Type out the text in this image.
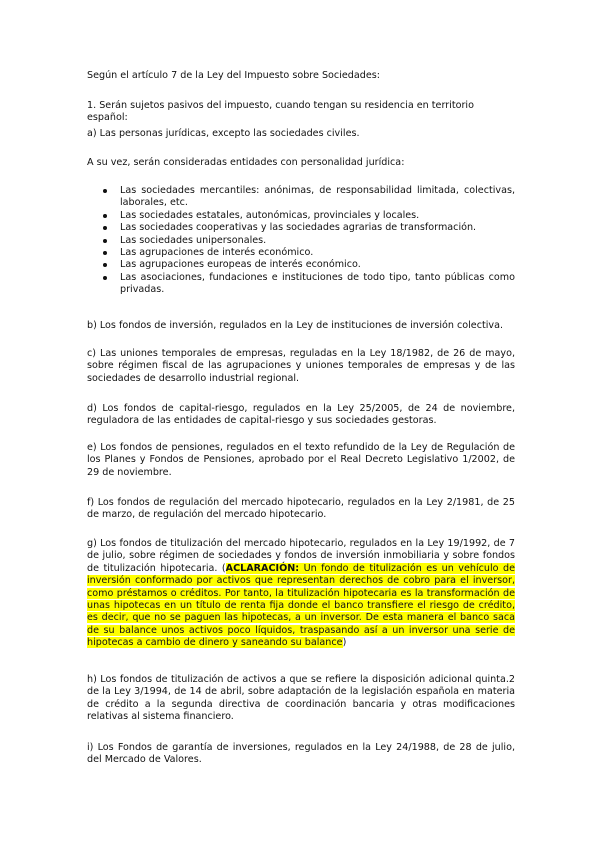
Según el artículo 7 de la Ley del Impuesto sobre Sociedades:

1. Serán sujetos pasivos del impuesto, cuando tengan su residencia en territorio español:

a) Las personas jurídicas, excepto las sociedades civiles.

A su vez, serán consideradas entidades con personalidad jurídica:

Las sociedades mercantiles: anónimas, de responsabilidad limitada, colectivas, laborales, etc.
Las sociedades estatales, autonómicas, provinciales y locales.
Las sociedades cooperativas y las sociedades agrarias de transformación.
Las sociedades unipersonales.
Las agrupaciones de interés económico.
Las agrupaciones europeas de interés económico.
Las asociaciones, fundaciones e instituciones de todo tipo, tanto públicas como privadas.

b) Los fondos de inversión, regulados en la Ley de instituciones de inversión colectiva.

c) Las uniones temporales de empresas, reguladas en la Ley 18/1982, de 26 de mayo, sobre régimen fiscal de las agrupaciones y uniones temporales de empresas y de las sociedades de desarrollo industrial regional.

d) Los fondos de capital-riesgo, regulados en la Ley 25/2005, de 24 de noviembre, reguladora de las entidades de capital-riesgo y sus sociedades gestoras.

e) Los fondos de pensiones, regulados en el texto refundido de la Ley de Regulación de los Planes y Fondos de Pensiones, aprobado por el Real Decreto Legislativo 1/2002, de 29 de noviembre.

f) Los fondos de regulación del mercado hipotecario, regulados en la Ley 2/1981, de 25 de marzo, de regulación del mercado hipotecario.

g) Los fondos de titulización del mercado hipotecario, regulados en la Ley 19/1992, de 7 de julio, sobre régimen de sociedades y fondos de inversión inmobiliaria y sobre fondos de titulización hipotecaria. (ACLARACIÓN: Un fondo de titulización es un vehículo de inversión conformado por activos que representan derechos de cobro para el inversor, como préstamos o créditos. Por tanto, la titulización hipotecaria es la transformación de unas hipotecas en un título de renta fija donde el banco transfiere el riesgo de crédito, es decir, que no se paguen las hipotecas, a un inversor. De esta manera el banco saca de su balance unos activos poco líquidos, traspasando así a un inversor una serie de hipotecas a cambio de dinero y saneando su balance)

h) Los fondos de titulización de activos a que se refiere la disposición adicional quinta.2 de la Ley 3/1994, de 14 de abril, sobre adaptación de la legislación española en materia de crédito a la segunda directiva de coordinación bancaria y otras modificaciones relativas al sistema financiero.

i) Los Fondos de garantía de inversiones, regulados en la Ley 24/1988, de 28 de julio, del Mercado de Valores.
